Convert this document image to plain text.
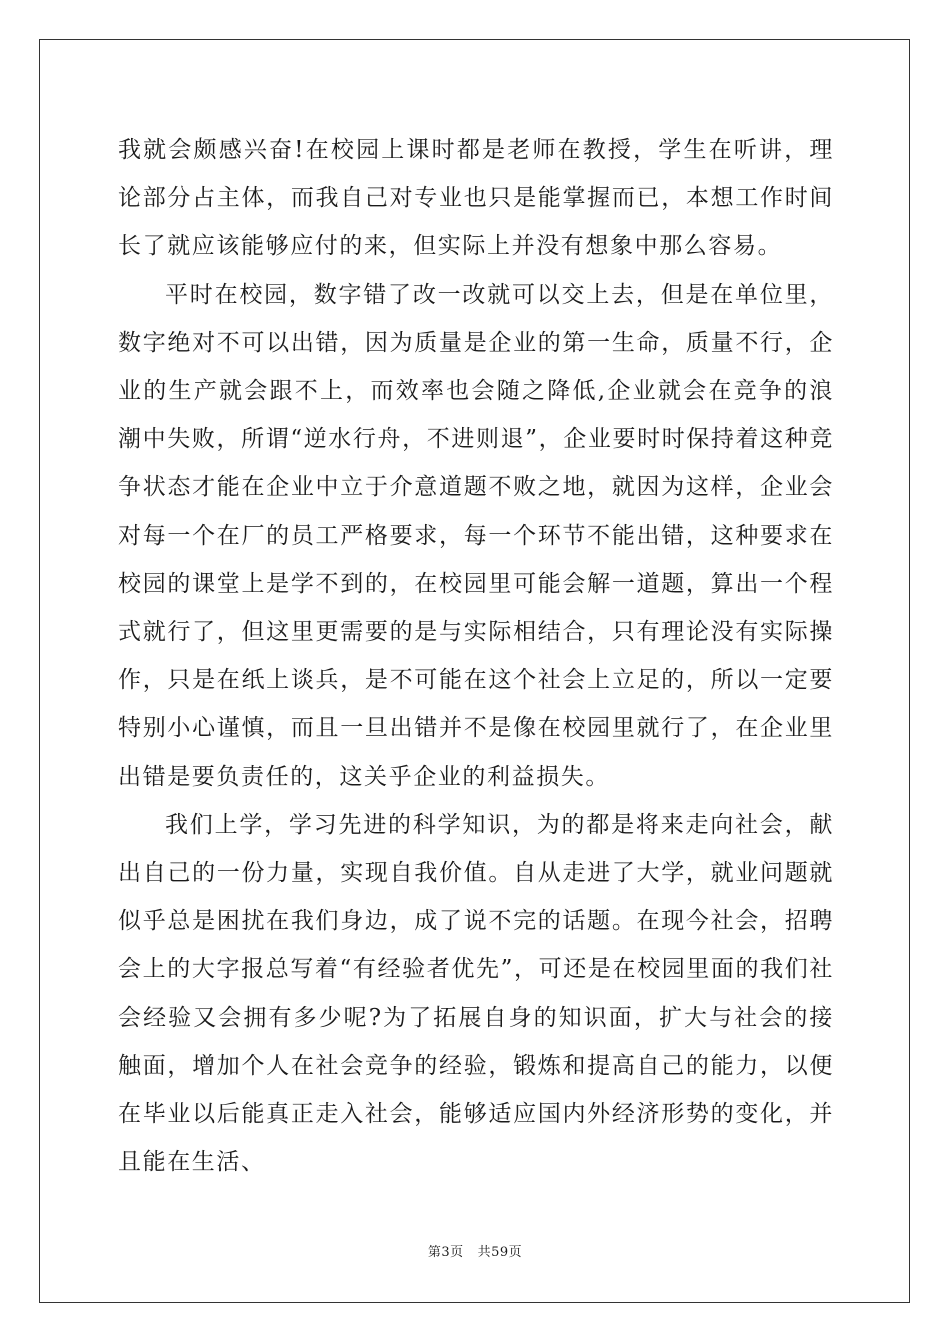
我就会颇感兴奋!在校园上课时都是老师在教授，学生在听讲，理论部分占主体，而我自己对专业也只是能掌握而已，本想工作时间长了就应该能够应付的来，但实际上并没有想象中那么容易。

平时在校园，数字错了改一改就可以交上去，但是在单位里，数字绝对不可以出错，因为质量是企业的第一生命，质量不行，企业的生产就会跟不上，而效率也会随之降低,企业就会在竞争的浪潮中失败，所谓“逆水行舟，不进则退”，企业要时时保持着这种竞争状态才能在企业中立于介意道题不败之地，就因为这样，企业会对每一个在厂的员工严格要求，每一个环节不能出错，这种要求在校园的课堂上是学不到的，在校园里可能会解一道题，算出一个程式就行了，但这里更需要的是与实际相结合，只有理论没有实际操作，只是在纸上谈兵，是不可能在这个社会上立足的，所以一定要特别小心谨慎，而且一旦出错并不是像在校园里就行了，在企业里出错是要负责任的，这关乎企业的利益损失。

我们上学，学习先进的科学知识，为的都是将来走向社会，献出自己的一份力量，实现自我价值。自从走进了大学，就业问题就似乎总是困扰在我们身边，成了说不完的话题。在现今社会，招聘会上的大字报总写着“有经验者优先”，可还是在校园里面的我们社会经验又会拥有多少呢?为了拓展自身的知识面，扩大与社会的接触面，增加个人在社会竞争的经验，锻炼和提高自己的能力，以便在毕业以后能真正走入社会，能够适应国内外经济形势的变化，并且能在生活、

第3页 共59页
